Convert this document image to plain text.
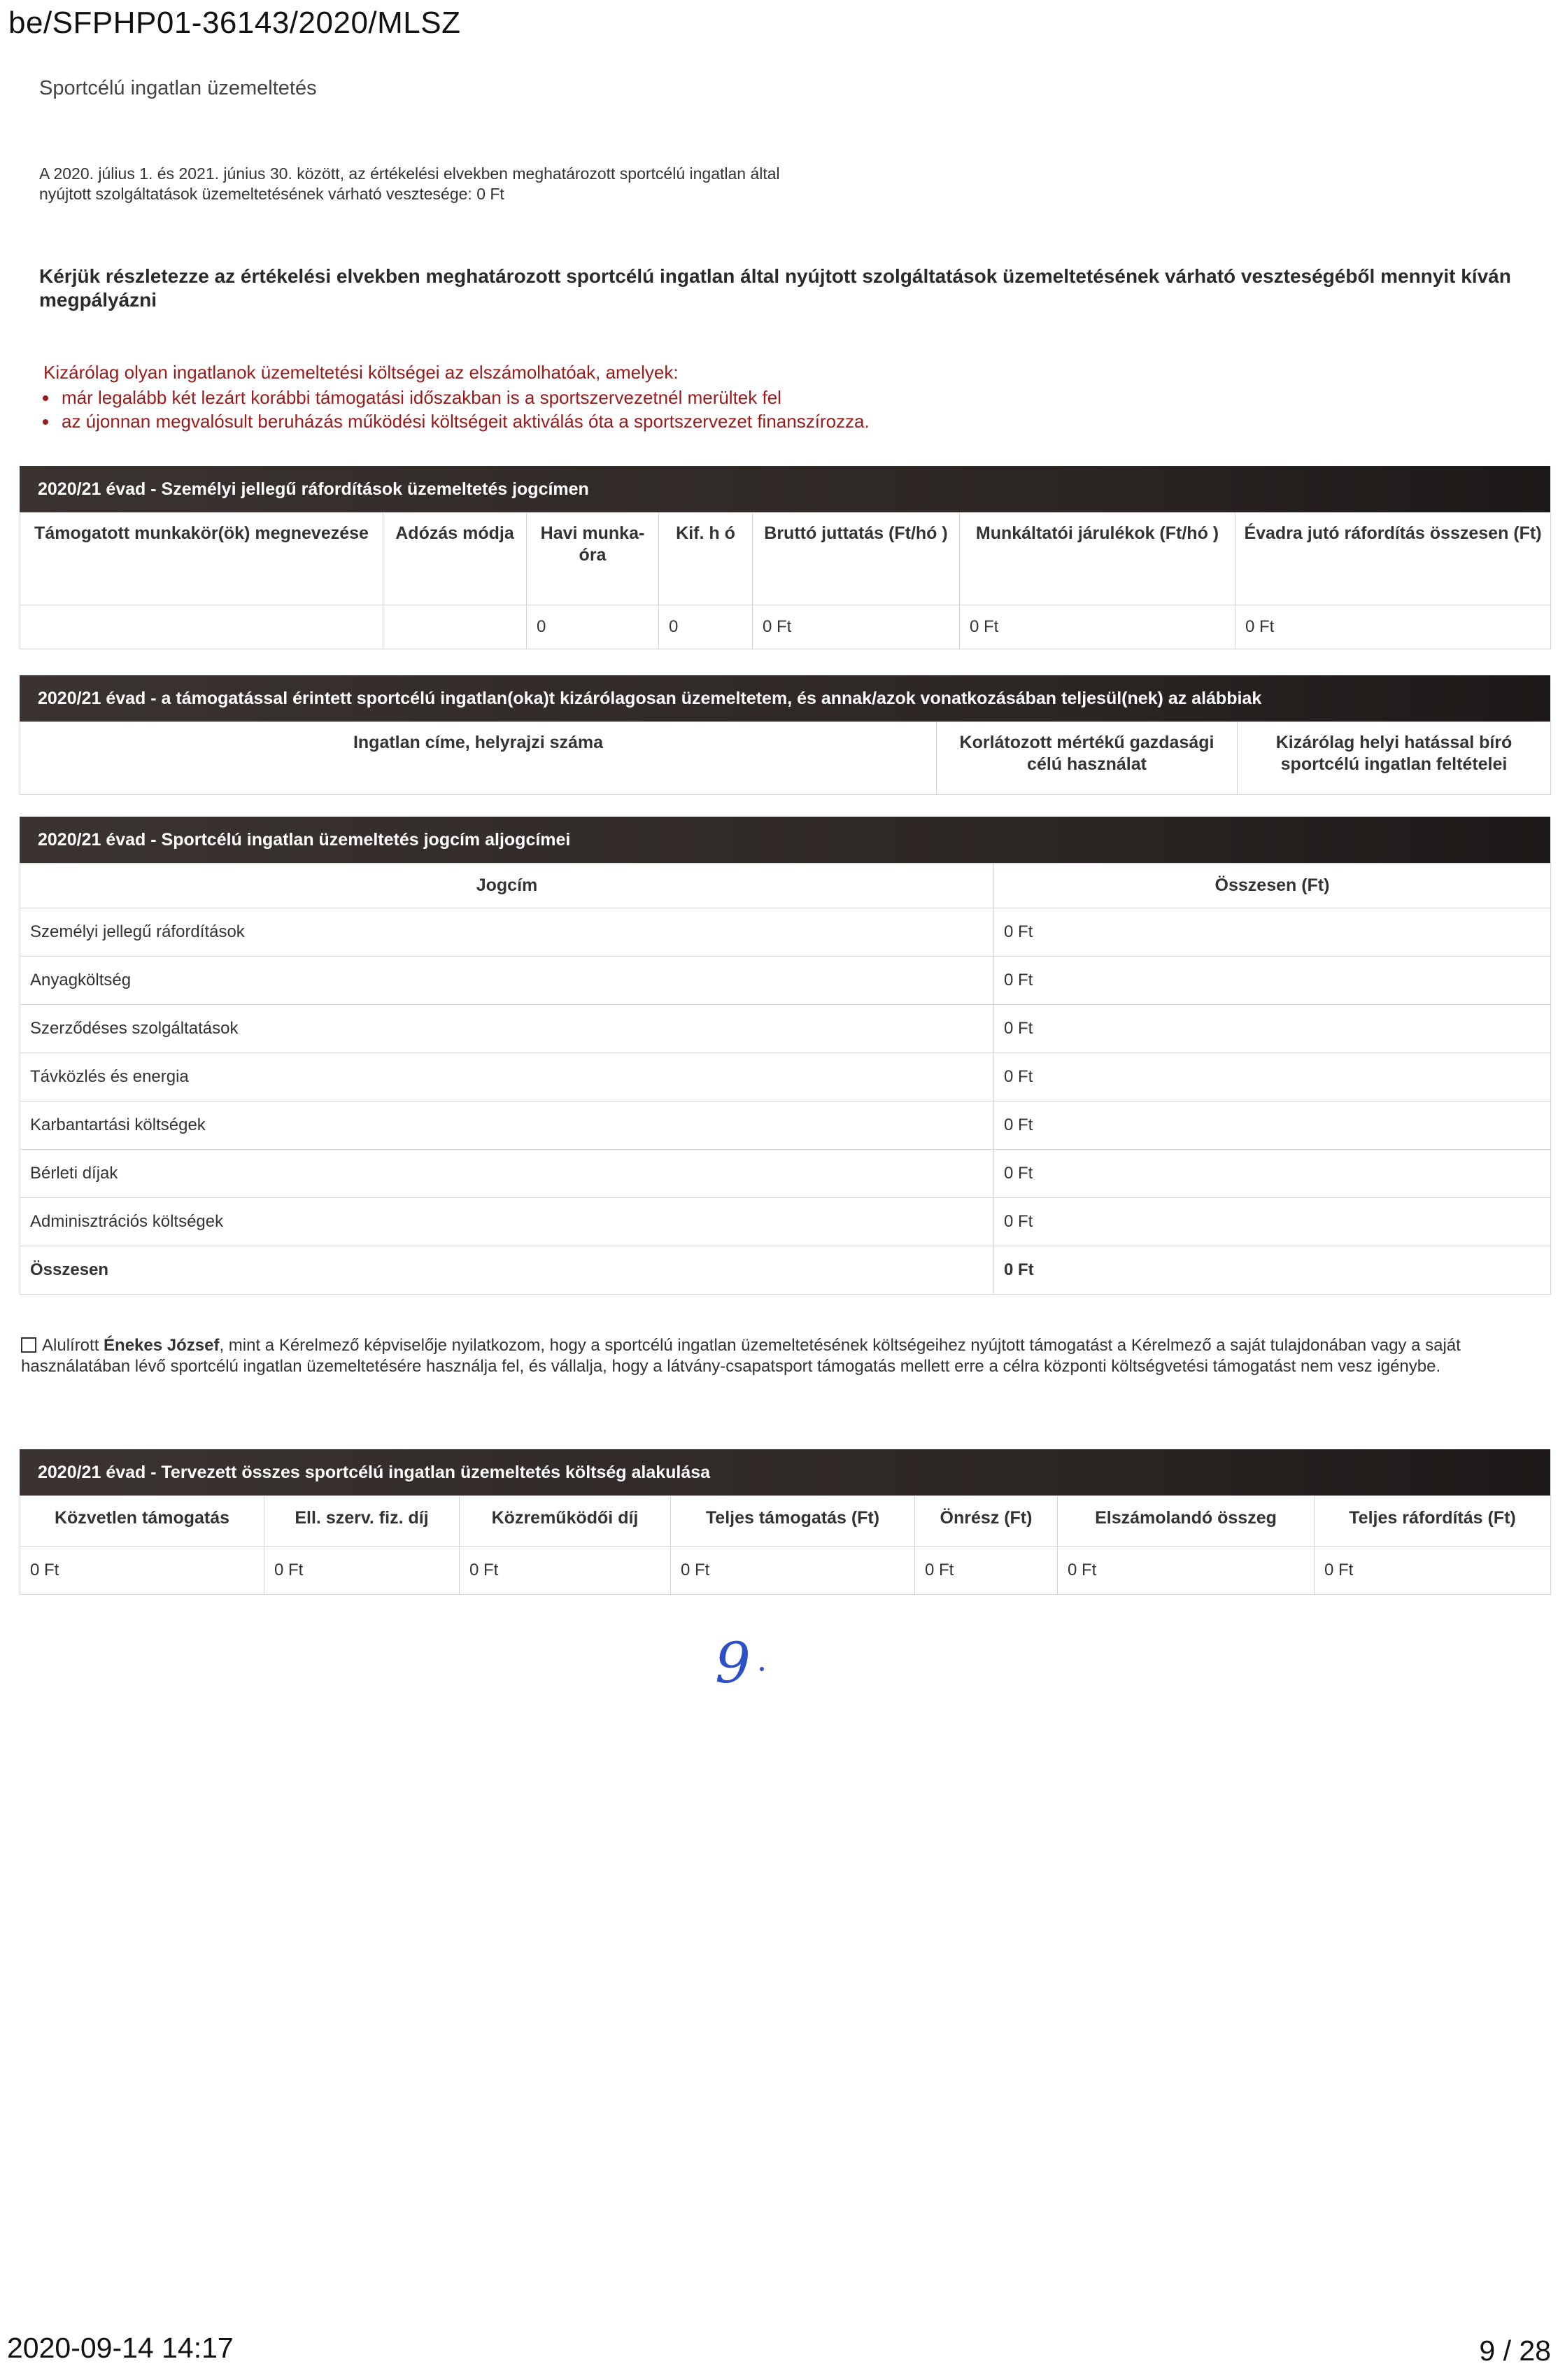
be/SFPHP01-36143/2020/MLSZ
Sportcélú ingatlan üzemeltetés
A 2020. július 1. és 2021. június 30. között, az értékelési elvekben meghatározott sportcélú ingatlan által
nyújtott szolgáltatások üzemeltetésének várható vesztesége: 0 Ft
Kérjük részletezze az értékelési elvekben meghatározott sportcélú ingatlan által nyújtott szolgáltatások üzemeltetésének várható veszteségéből mennyit kíván megpályázni
Kizárólag olyan ingatlanok üzemeltetési költségei az elszámolhatóak, amelyek:
• már legalább két lezárt korábbi támogatási időszakban is a sportszervezetnél merültek fel
• az újonnan megvalósult beruházás működési költségeit aktiválás óta a sportszervezet finanszírozza.
2020/21 évad - Személyi jellegű ráfordítások üzemeltetés jogcímen
Támogatott munkakör(ök) megnevezése	Adózás módja	Havi munka-óra	Kif. h ó	Bruttó juttatás (Ft/hó )	Munkáltatói járulékok (Ft/hó )	Évadra jutó ráfordítás összesen (Ft)
		0	0	0 Ft	0 Ft	0 Ft
2020/21 évad - a támogatással érintett sportcélú ingatlan(oka)t kizárólagosan üzemeltetem, és annak/azok vonatkozásában teljesül(nek) az alábbiak
Ingatlan címe, helyrajzi száma	Korlátozott mértékű gazdasági célú használat	Kizárólag helyi hatással bíró sportcélú ingatlan feltételei
2020/21 évad - Sportcélú ingatlan üzemeltetés jogcím aljogcímei
Jogcím	Összesen (Ft)
Személyi jellegű ráfordítások	0 Ft
Anyagköltség	0 Ft
Szerződéses szolgáltatások	0 Ft
Távközlés és energia	0 Ft
Karbantartási költségek	0 Ft
Bérleti díjak	0 Ft
Adminisztrációs költségek	0 Ft
Összesen	0 Ft
Alulírott Énekes József, mint a Kérelmező képviselője nyilatkozom, hogy a sportcélú ingatlan üzemeltetésének költségeihez nyújtott támogatást a Kérelmező a saját tulajdonában vagy a saját használatában lévő sportcélú ingatlan üzemeltetésére használja fel, és vállalja, hogy a látvány-csapatsport támogatás mellett erre a célra központi költségvetési támogatást nem vesz igénybe.
2020/21 évad - Tervezett összes sportcélú ingatlan üzemeltetés költség alakulása
Közvetlen támogatás	Ell. szerv. fiz. díj	Közreműködői díj	Teljes támogatás (Ft)	Önrész (Ft)	Elszámolandó összeg	Teljes ráfordítás (Ft)
0 Ft	0 Ft	0 Ft	0 Ft	0 Ft	0 Ft	0 Ft
9
2020-09-14 14:17	9 / 28
